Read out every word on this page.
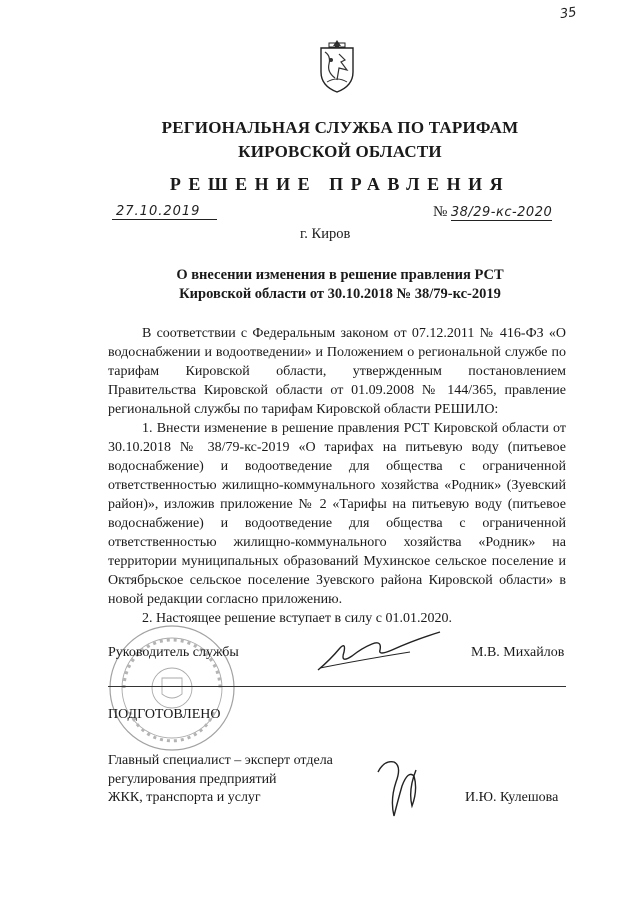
35
РЕГИОНАЛЬНАЯ СЛУЖБА ПО ТАРИФАМ
КИРОВСКОЙ ОБЛАСТИ
РЕШЕНИЕ ПРАВЛЕНИЯ
27.10.2019	№ 38/29-кс-2020
г. Киров
О внесении изменения в решение правления РСТ
Кировской области от 30.10.2018 № 38/79-кс-2019

В соответствии с Федеральным законом от 07.12.2011 № 416-ФЗ «О водоснабжении и водоотведении» и Положением о региональной службе по тарифам Кировской области, утвержденным постановлением Правительства Кировской области от 01.09.2008 № 144/365, правление региональной службы по тарифам Кировской области РЕШИЛО:

1. Внести изменение в решение правления РСТ Кировской области от 30.10.2018 № 38/79-кс-2019 «О тарифах на питьевую воду (питьевое водоснабжение) и водоотведение для общества с ограниченной ответственностью жилищно-коммунального хозяйства «Родник» (Зуевский район)», изложив приложение № 2 «Тарифы на питьевую воду (питьевое водоснабжение) и водоотведение для общества с ограниченной ответственностью жилищно-коммунального хозяйства «Родник» на территории муниципальных образований Мухинское сельское поселение и Октябрьское сельское поселение Зуевского района Кировской области» в новой редакции согласно приложению.

2. Настоящее решение вступает в силу с 01.01.2020.

Руководитель службы	М.В. Михайлов
ПОДГОТОВЛЕНО
Главный специалист – эксперт отдела
регулирования предприятий
ЖКК, транспорта и услуг	И.Ю. Кулешова
